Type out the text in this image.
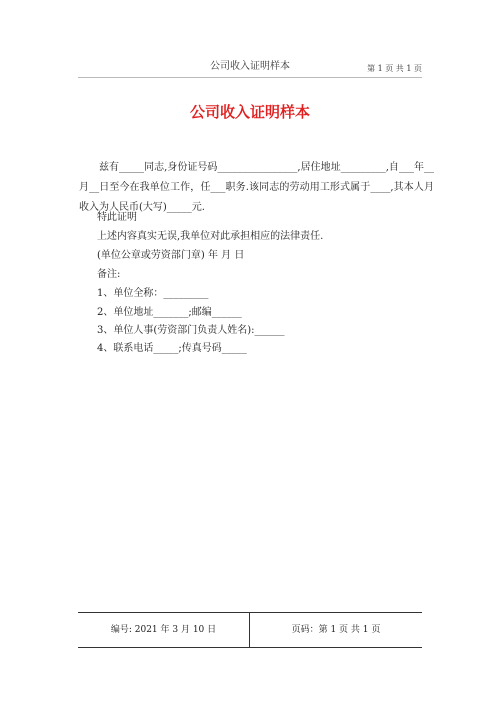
公司收入证明样本	第 1 页 共 1 页
公司收入证明样本
兹有_____同志,身份证号码________________,居住地址_________,自___年__月__日至今在我单位工作，任___职务.该同志的劳动用工形式属于____,其本人月收入为人民币(大写)_____元.
特此证明
上述内容真实无误,我单位对此承担相应的法律责任.
(单位公章或劳资部门章) 年 月 日
备注:
1、单位全称：_________
2、单位地址_______;邮编______
3、单位人事(劳资部门负责人姓名):______
4、联系电话_____;传真号码_____
编号: 2021 年 3 月 10 日	页码：第 1 页 共 1 页
